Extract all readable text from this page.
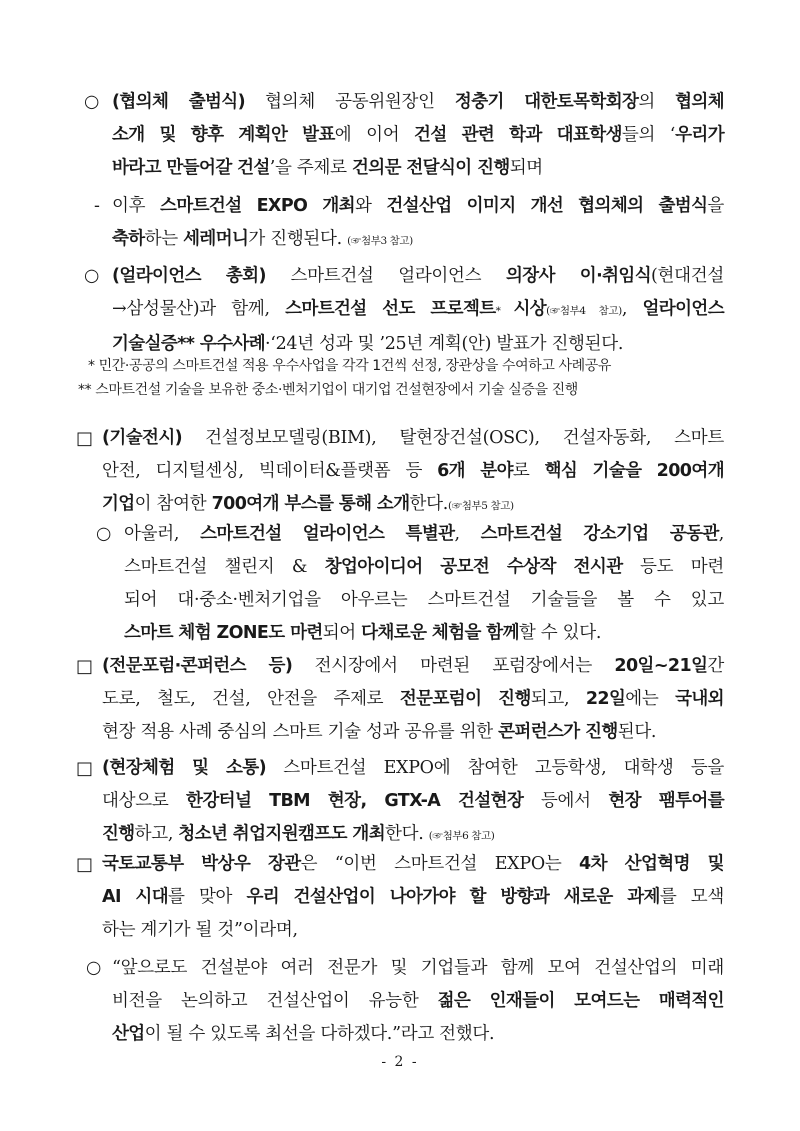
○ (협의체 출범식) 협의체 공동위원장인 정충기 대한토목학회장의 협의체
소개 및 향후 계획안 발표에 이어 건설 관련 학과 대표학생들의 ‘우리가
바라고 만들어갈 건설’을 주제로 건의문 전달식이 진행되며
- 이후 스마트건설 EXPO 개최와 건설산업 이미지 개선 협의체의 출범식을
축하하는 세레머니가 진행된다. (☞첨부3 참고)
○ (얼라이언스 총회) 스마트건설 얼라이언스 의장사 이·취임식(현대건설
→삼성물산)과 함께, 스마트건설 선도 프로젝트* 시상(☞첨부4 참고), 얼라이언스
기술실증** 우수사례·‘24년 성과 및 ’25년 계획(안) 발표가 진행된다.
* 민간·공공의 스마트건설 적용 우수사업을 각각 1건씩 선정, 장관상을 수여하고 사례공유
** 스마트건설 기술을 보유한 중소·벤처기업이 대기업 건설현장에서 기술 실증을 진행
□ (기술전시) 건설정보모델링(BIM), 탈현장건설(OSC), 건설자동화, 스마트
안전, 디지털센싱, 빅데이터&플랫폼 등 6개 분야로 핵심 기술을 200여개
기업이 참여한 700여개 부스를 통해 소개한다.(☞첨부5 참고)
○ 아울러, 스마트건설 얼라이언스 특별관, 스마트건설 강소기업 공동관,
스마트건설 챌린지 & 창업아이디어 공모전 수상작 전시관 등도 마련
되어 대·중소·벤처기업을 아우르는 스마트건설 기술들을 볼 수 있고
스마트 체험 ZONE도 마련되어 다채로운 체험을 함께할 수 있다.
□ (전문포럼·콘퍼런스 등) 전시장에서 마련된 포럼장에서는 20일~21일간
도로, 철도, 건설, 안전을 주제로 전문포럼이 진행되고, 22일에는 국내외
현장 적용 사례 중심의 스마트 기술 성과 공유를 위한 콘퍼런스가 진행된다.
□ (현장체험 및 소통) 스마트건설 EXPO에 참여한 고등학생, 대학생 등을
대상으로 한강터널 TBM 현장, GTX-A 건설현장 등에서 현장 팸투어를
진행하고, 청소년 취업지원캠프도 개최한다. (☞첨부6 참고)
□ 국토교통부 박상우 장관은 “이번 스마트건설 EXPO는 4차 산업혁명 및
AI 시대를 맞아 우리 건설산업이 나아가야 할 방향과 새로운 과제를 모색
하는 계기가 될 것”이라며,
○ “앞으로도 건설분야 여러 전문가 및 기업들과 함께 모여 건설산업의 미래
비전을 논의하고 건설산업이 유능한 젊은 인재들이 모여드는 매력적인
산업이 될 수 있도록 최선을 다하겠다.”라고 전했다.
- 2 -
